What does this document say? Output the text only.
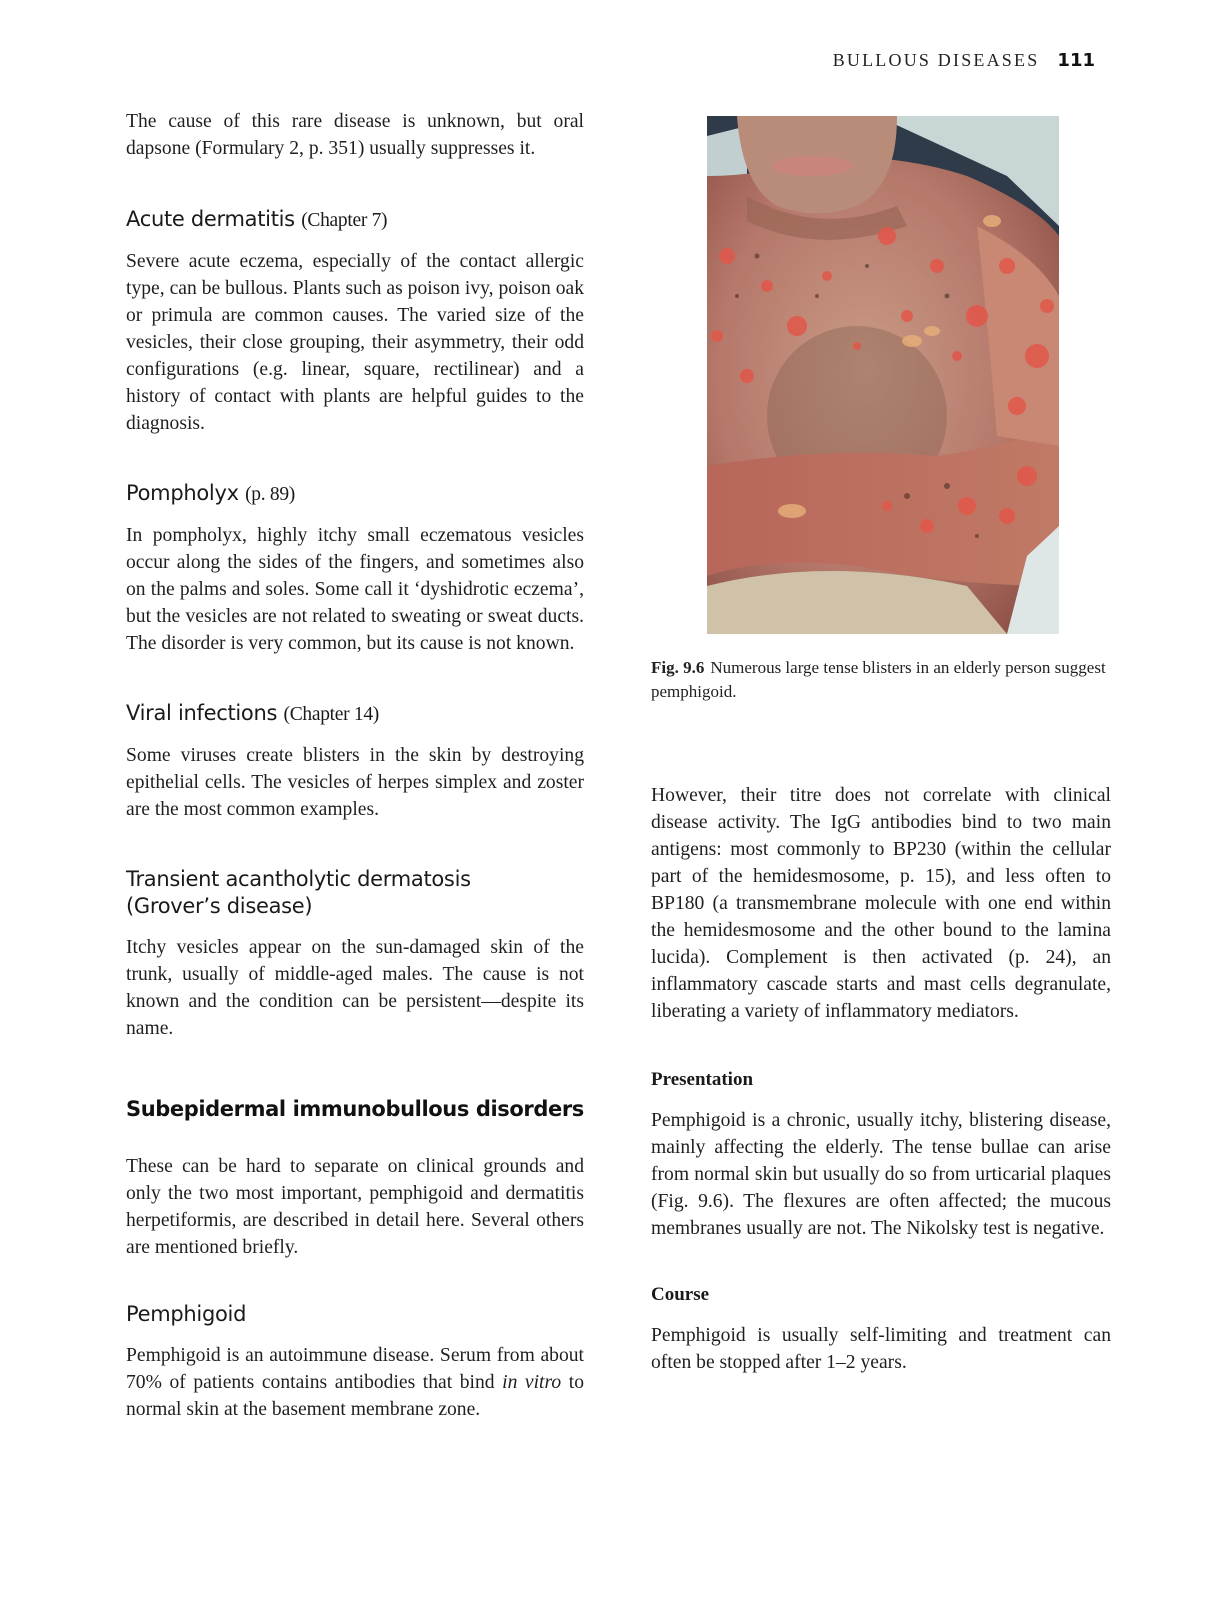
BULLOUS DISEASES 111

The cause of this rare disease is unknown, but oral dapsone (Formulary 2, p. 351) usually suppresses it.

Acute dermatitis (Chapter 7)

Severe acute eczema, especially of the contact allergic type, can be bullous. Plants such as poison ivy, poison oak or primula are common causes. The varied size of the vesicles, their close grouping, their asymmetry, their odd configurations (e.g. linear, square, rectilinear) and a history of contact with plants are helpful guides to the diagnosis.

Pompholyx (p. 89)

In pompholyx, highly itchy small eczematous vesicles occur along the sides of the fingers, and sometimes also on the palms and soles. Some call it ‘dyshidrotic eczema’, but the vesicles are not related to sweating or sweat ducts. The disorder is very common, but its cause is not known.

Viral infections (Chapter 14)

Some viruses create blisters in the skin by destroying epithelial cells. The vesicles of herpes simplex and zoster are the most common examples.

Transient acantholytic dermatosis (Grover’s disease)

Itchy vesicles appear on the sun-damaged skin of the trunk, usually of middle-aged males. The cause is not known and the condition can be persistent—despite its name.

Subepidermal immunobullous disorders

These can be hard to separate on clinical grounds and only the two most important, pemphigoid and dermatitis herpetiformis, are described in detail here. Several others are mentioned briefly.

Pemphigoid

Pemphigoid is an autoimmune disease. Serum from about 70% of patients contains antibodies that bind in vitro to normal skin at the basement membrane zone.

Fig. 9.6 Numerous large tense blisters in an elderly person suggest pemphigoid.

However, their titre does not correlate with clinical disease activity. The IgG antibodies bind to two main antigens: most commonly to BP230 (within the cellular part of the hemidesmosome, p. 15), and less often to BP180 (a transmembrane molecule with one end within the hemidesmosome and the other bound to the lamina lucida). Complement is then activated (p. 24), an inflammatory cascade starts and mast cells degranulate, liberating a variety of inflammatory mediators.

Presentation

Pemphigoid is a chronic, usually itchy, blistering disease, mainly affecting the elderly. The tense bullae can arise from normal skin but usually do so from urticarial plaques (Fig. 9.6). The flexures are often affected; the mucous membranes usually are not. The Nikolsky test is negative.

Course

Pemphigoid is usually self-limiting and treatment can often be stopped after 1–2 years.
